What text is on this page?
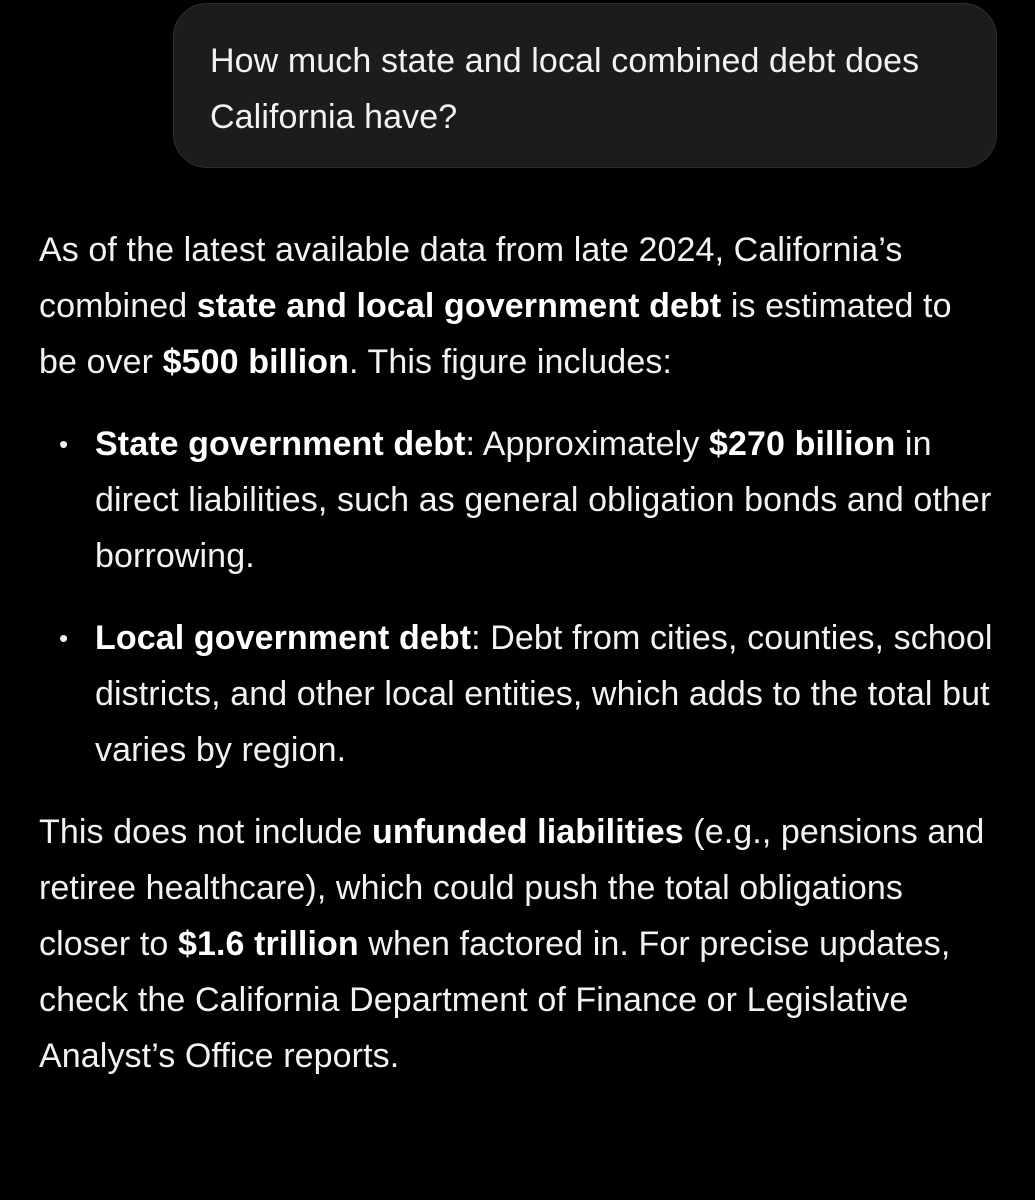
How much state and local combined debt does California have?

As of the latest available data from late 2024, California’s combined state and local government debt is estimated to be over $500 billion. This figure includes:

• State government debt: Approximately $270 billion in direct liabilities, such as general obligation bonds and other borrowing.
• Local government debt: Debt from cities, counties, school districts, and other local entities, which adds to the total but varies by region.

This does not include unfunded liabilities (e.g., pensions and retiree healthcare), which could push the total obligations closer to $1.6 trillion when factored in. For precise updates, check the California Department of Finance or Legislative Analyst’s Office reports.
